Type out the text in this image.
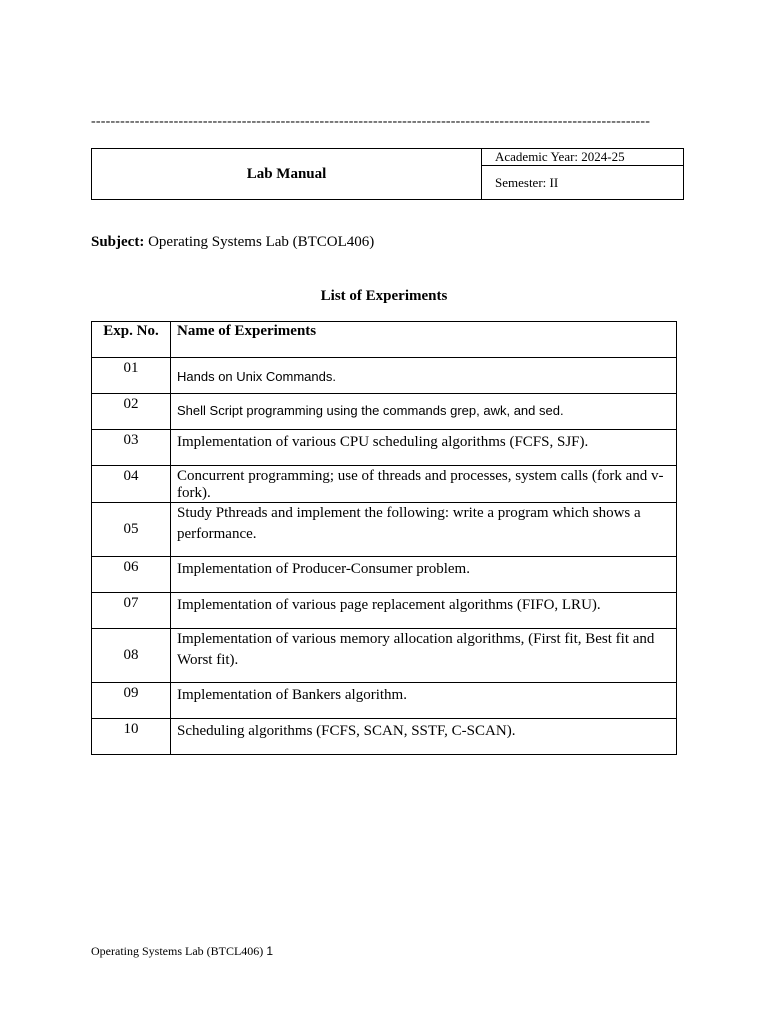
-------------------------------------------------------------------------------------------------------------------
Lab Manual
Academic Year: 2024-25
Semester: II
Subject: Operating Systems Lab (BTCOL406)
List of Experiments
Exp. No.	Name of Experiments
01	Hands on Unix Commands.
02	Shell Script programming using the commands grep, awk, and sed.
03	Implementation of various CPU scheduling algorithms (FCFS, SJF).
04	Concurrent programming; use of threads and processes, system calls (fork and v-fork).
05	Study Pthreads and implement the following: write a program which shows a performance.
06	Implementation of Producer-Consumer problem.
07	Implementation of various page replacement algorithms (FIFO, LRU).
08	Implementation of various memory allocation algorithms, (First fit, Best fit and Worst fit).
09	Implementation of Bankers algorithm.
10	Scheduling algorithms (FCFS, SCAN, SSTF, C-SCAN).
Operating Systems Lab (BTCL406) 1
